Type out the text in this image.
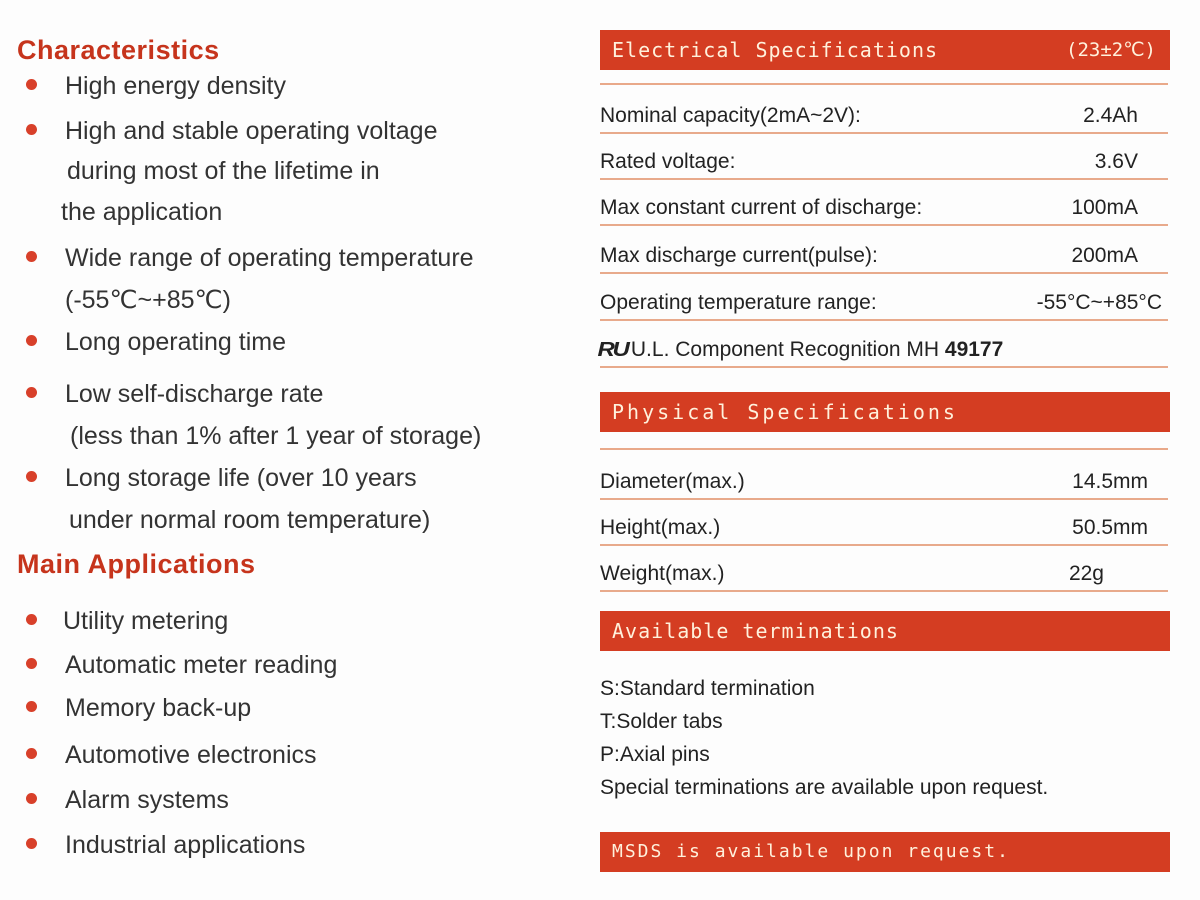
Characteristics
High energy density
High and stable operating voltage
during most of the lifetime in
the application
Wide range of operating temperature
(-55℃~+85℃)
Long operating time
Low self-discharge rate
(less than 1% after 1 year of storage)
Long storage life (over 10 years
under normal room temperature)
Main Applications
Utility metering
Automatic meter reading
Memory back-up
Automotive electronics
Alarm systems
Industrial applications
Electrical Specifications	(23±2℃)
Nominal capacity(2mA~2V):	2.4Ah
Rated voltage:	3.6V
Max constant current of discharge:	100mA
Max discharge current(pulse):	200mA
Operating temperature range:	-55°C~+85°C
RU U.L. Component Recognition MH 49177
Physical Specifications
Diameter(max.)	14.5mm
Height(max.)	50.5mm
Weight(max.)	22g
Available terminations
S:Standard termination
T:Solder tabs
P:Axial pins
Special terminations are available upon request.
MSDS is available upon request.
